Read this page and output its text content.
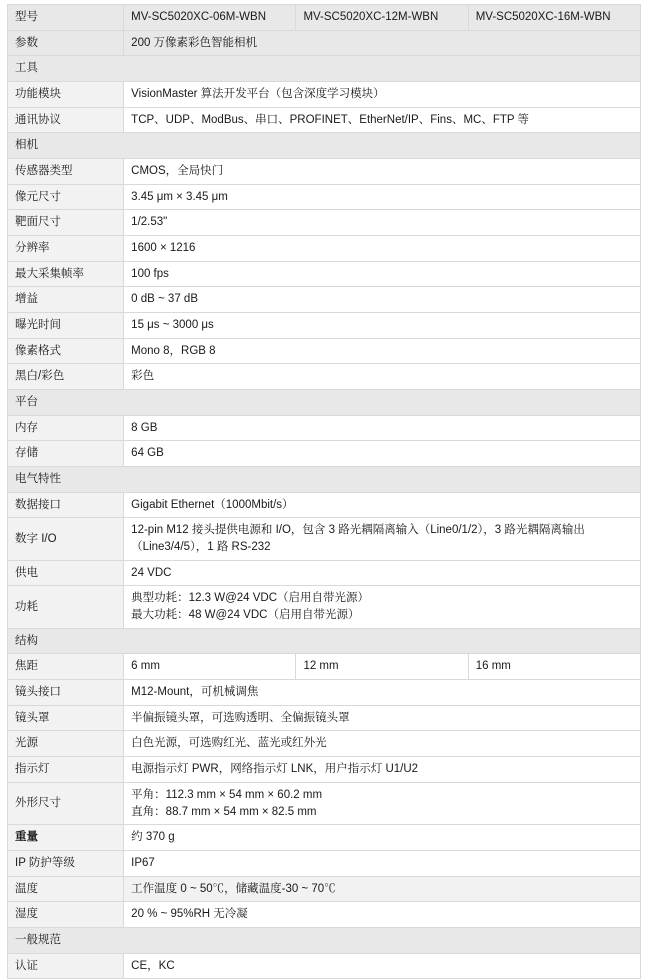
型号	MV-SC5020XC-06M-WBN	MV-SC5020XC-12M-WBN	MV-SC5020XC-16M-WBN
参数	200 万像素彩色智能相机		
工具			
功能模块	VisionMaster 算法开发平台（包含深度学习模块）		
通讯协议	TCP、UDP、ModBus、串口、PROFINET、EtherNet/IP、Fins、MC、FTP 等		
相机			
传感器类型	CMOS，全局快门		
像元尺寸	3.45 μm × 3.45 μm		
靶面尺寸	1/2.53"		
分辨率	1600 × 1216		
最大采集帧率	100 fps		
增益	0 dB ~ 37 dB		
曝光时间	15 μs ~ 3000 μs		
像素格式	Mono 8，RGB 8		
黑白/彩色	彩色		
平台			
内存	8 GB		
存储	64 GB		
电气特性			
数据接口	Gigabit Ethernet（1000Mbit/s）		
数字 I/O	12-pin M12 接头提供电源和 I/O，包含 3 路光耦隔离输入（Line0/1/2），3 路光耦隔离输出（Line3/4/5），1 路 RS-232		
供电	24 VDC		
功耗	典型功耗：12.3 W@24 VDC（启用自带光源）
最大功耗：48 W@24 VDC（启用自带光源）		

结构			
焦距	6 mm	12 mm	16 mm
镜头接口	M12-Mount，可机械调焦		
镜头罩	半偏振镜头罩，可选购透明、全偏振镜头罩		
光源	白色光源，可选购红光、蓝光或红外光		
指示灯	电源指示灯 PWR，网络指示灯 LNK，用户指示灯 U1/U2		
外形尺寸	平角：112.3 mm × 54 mm × 60.2 mm
直角：88.7 mm × 54 mm × 82.5 mm		

重量	约 370 g		
IP 防护等级	IP67		
温度	工作温度 0 ~ 50℃，储藏温度-30 ~ 70℃		
湿度	20 % ~ 95%RH 无冷凝		
一般规范			
认证	CE，KC		
